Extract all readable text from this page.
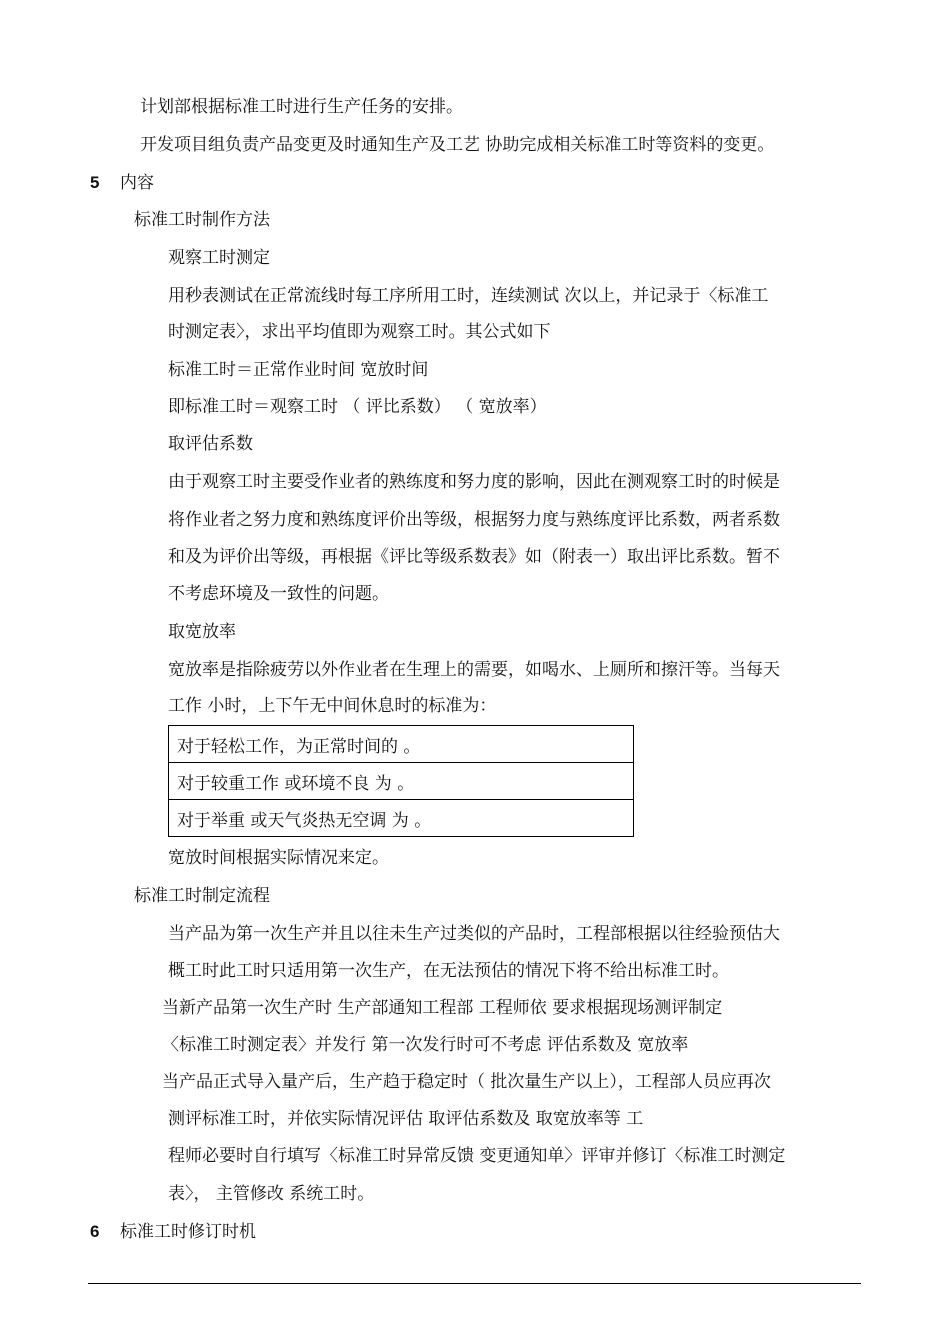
计划部根据标准工时进行生产任务的安排。
开发项目组负责产品变更及时通知生产及工艺 协助完成相关标准工时等资料的变更。
5 内容
标准工时制作方法
观察工时测定
用秒表测试在正常流线时每工序所用工时，连续测试 次以上，并记录于〈标准工
时测定表〉，求出平均值即为观察工时。其公式如下
标准工时＝正常作业时间 宽放时间
即标准工时＝观察工时 （ 评比系数） （ 宽放率）
取评估系数
由于观察工时主要受作业者的熟练度和努力度的影响，因此在测观察工时的时候是
将作业者之努力度和熟练度评价出等级，根据努力度与熟练度评比系数，两者系数
和及为评价出等级，再根据《评比等级系数表》如（附表一）取出评比系数。暂不
不考虑环境及一致性的问题。
取宽放率
宽放率是指除疲劳以外作业者在生理上的需要，如喝水、上厕所和擦汗等。当每天
工作 小时，上下午无中间休息时的标准为：
对于轻松工作，为正常时间的 。
对于较重工作 或环境不良 为 。
对于举重 或天气炎热无空调 为 。
宽放时间根据实际情况来定。
标准工时制定流程
当产品为第一次生产并且以往未生产过类似的产品时，工程部根据以往经验预估大
概工时此工时只适用第一次生产，在无法预估的情况下将不给出标准工时。
当新产品第一次生产时 生产部通知工程部 工程师依 要求根据现场测评制定
〈标准工时测定表〉并发行 第一次发行时可不考虑 评估系数及 宽放率
当产品正式导入量产后，生产趋于稳定时（ 批次量生产以上），工程部人员应再次
测评标准工时，并依实际情况评估 取评估系数及 取宽放率等 工
程师必要时自行填写〈标准工时异常反馈 变更通知单〉评审并修订〈标准工时测定
表〉， 主管修改 系统工时。
6 标准工时修订时机
